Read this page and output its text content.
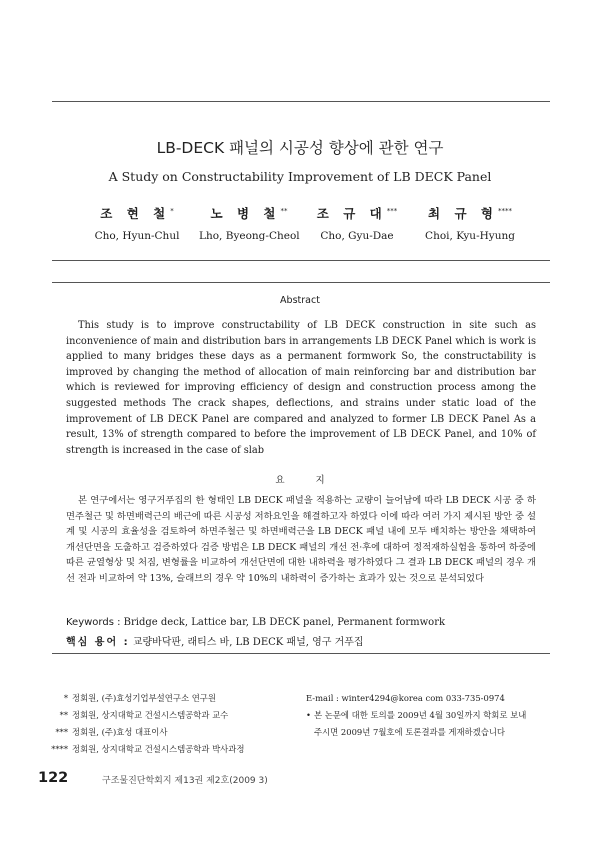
LB-DECK 패널의 시공성 향상에 관한 연구
A Study on Constructability Improvement of LB DECK Panel
조 현 철*
Cho, Hyun-Chul
노 병 철**
Lho, Byeong-Cheol
조 규 대***
Cho, Gyu-Dae
최 규 형****
Choi, Kyu-Hyung
Abstract
This study is to improve constructability of LB DECK construction in site such as inconvenience of main and distribution bars in arrangements LB DECK Panel which is work is applied to many bridges these days as a permanent formwork So, the constructability is improved by changing the method of allocation of main reinforcing bar and distribution bar which is reviewed for improving efficiency of design and construction process among the suggested methods The crack shapes, deflections, and strains under static load of the improvement of LB DECK Panel are compared and analyzed to former LB DECK Panel As a result, 13% of strength compared to before the improvement of LB DECK Panel, and 10% of strength is increased in the case of slab
요 지
본 연구에서는 영구거푸집의 한 형태인 LB DECK 패널을 적용하는 교량이 늘어남에 따라 LB DECK 시공 중 하면주철근 및 하면배력근의 배근에 따른 시공성 저하요인을 해결하고자 하였다 이에 따라 여러 가지 제시된 방안 중 설계 및 시공의 효율성을 검토하여 하면주철근 및 하면배력근을 LB DECK 패널 내에 모두 배치하는 방안을 채택하여 개선단면을 도출하고 검증하였다 검증 방법은 LB DECK 패널의 개선 전·후에 대하여 정적재하실험을 통하여 하중에 따른 균열형상 및 처짐, 변형률을 비교하여 개선단면에 대한 내하력을 평가하였다 그 결과 LB DECK 패널의 경우 개선 전과 비교하여 약 13%, 슬래브의 경우 약 10%의 내하력이 증가하는 효과가 있는 것으로 분석되었다
Keywords : Bridge deck, Lattice bar, LB DECK panel, Permanent formwork
핵심 용어 : 교량바닥판, 래티스 바, LB DECK 패널, 영구 거푸집
* 정회원, (주)효성기업부설연구소 연구원
** 정회원, 상지대학교 건설시스템공학과 교수
*** 정회원, (주)효성 대표이사
**** 정회원, 상지대학교 건설시스템공학과 박사과정
E-mail : winter4294@korea com 033-735-0974
• 본 논문에 대한 토의를 2009년 4월 30일까지 학회로 보내 주시면 2009년 7월호에 토론결과를 게재하겠습니다
122	구조물진단학회지 제13권 제2호(2009 3)
